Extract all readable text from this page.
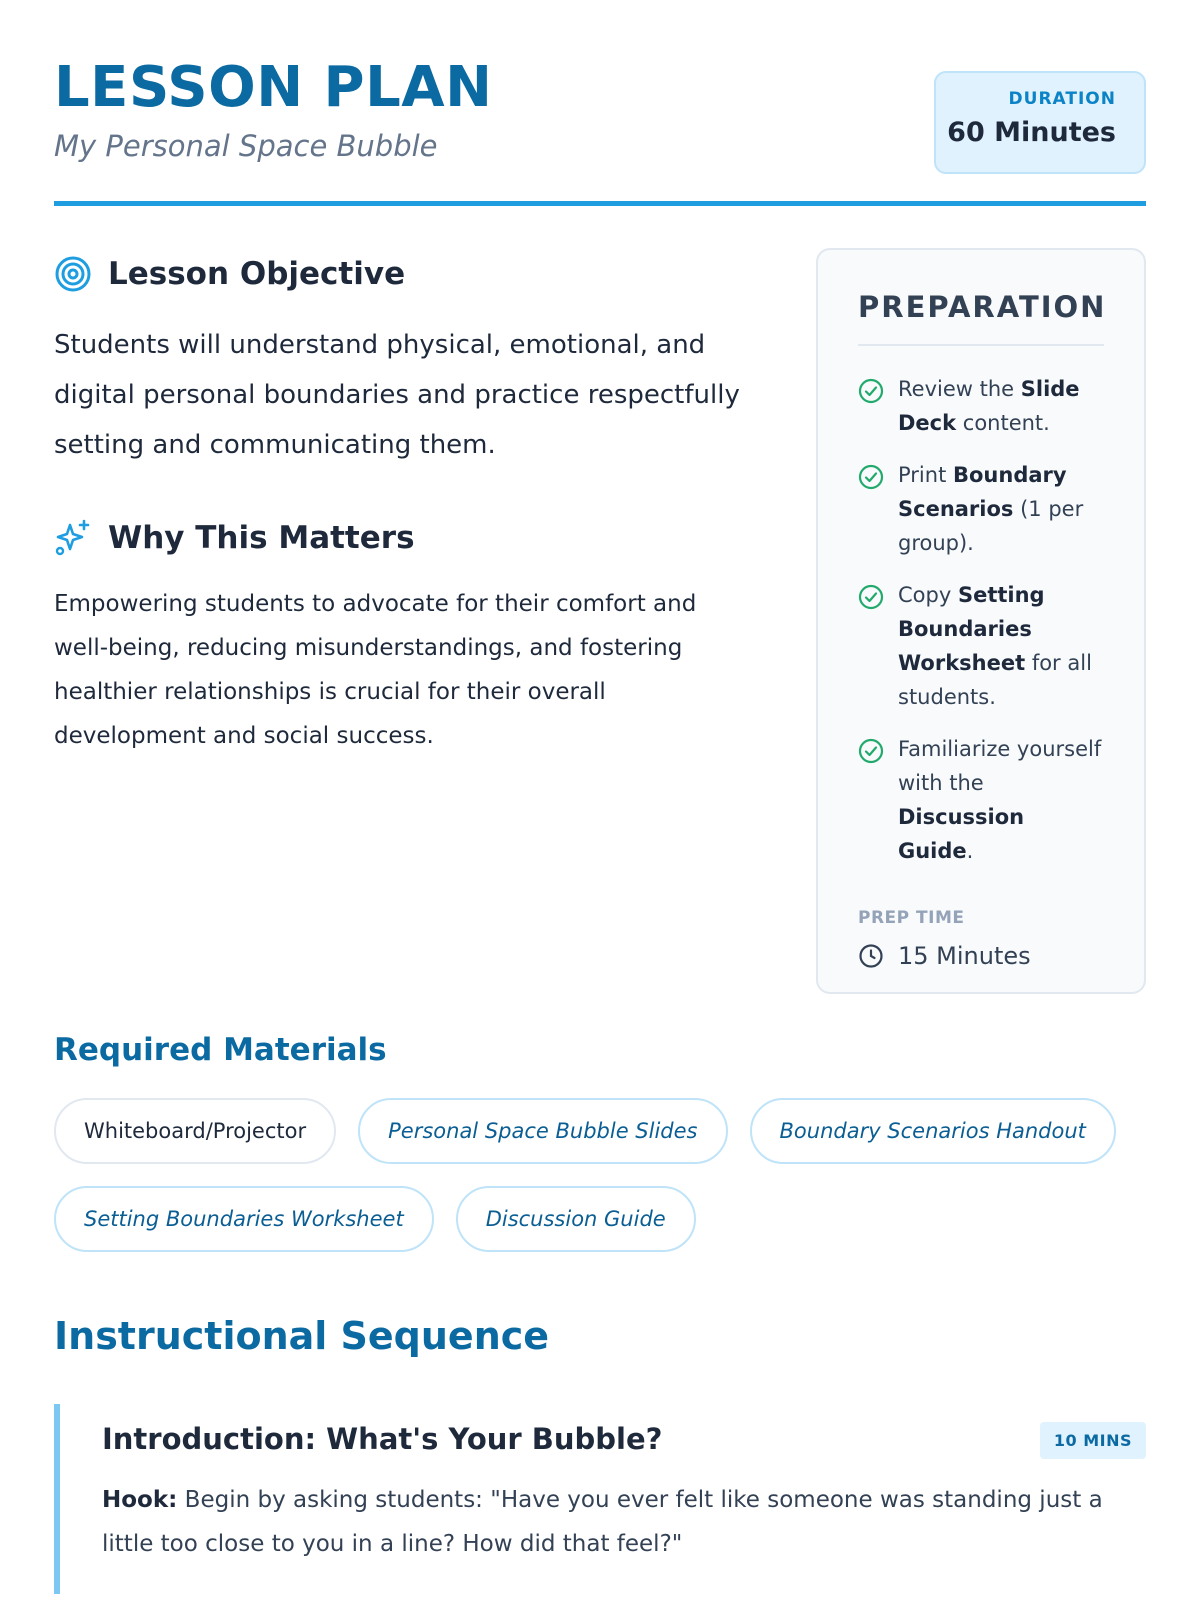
LESSON PLAN
My Personal Space Bubble
DURATION
60 Minutes
Lesson Objective
Students will understand physical, emotional, and digital personal boundaries and practice respectfully setting and communicating them.
Why This Matters
Empowering students to advocate for their comfort and well-being, reducing misunderstandings, and fostering healthier relationships is crucial for their overall development and social success.
PREPARATION
Review the Slide Deck content.
Print Boundary Scenarios (1 per group).
Copy Setting Boundaries Worksheet for all students.
Familiarize yourself with the Discussion Guide.
PREP TIME
15 Minutes
Required Materials
Whiteboard/Projector	Personal Space Bubble Slides	Boundary Scenarios Handout
Setting Boundaries Worksheet	Discussion Guide
Instructional Sequence
Introduction: What's Your Bubble?	10 MINS
Hook: Begin by asking students: "Have you ever felt like someone was standing just a little too close to you in a line? How did that feel?"
